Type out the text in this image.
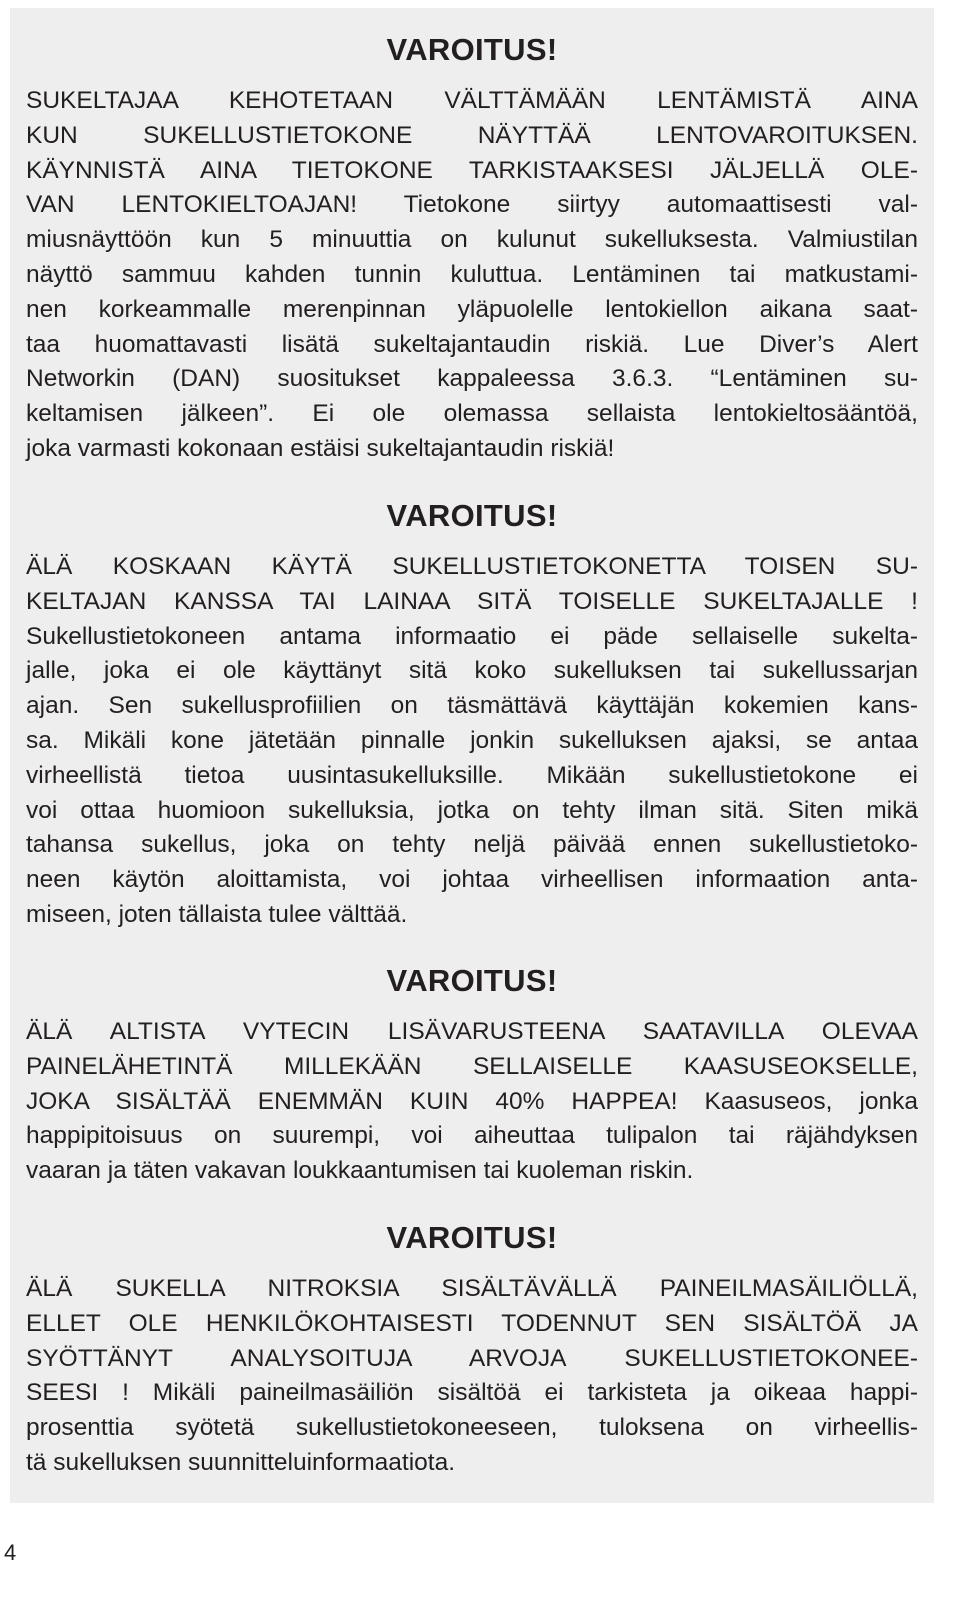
VAROITUS!

SUKELTAJAA KEHOTETAAN VÄLTTÄMÄÄN LENTÄMISTÄ AINA
KUN SUKELLUSTIETOKONE NÄYTTÄÄ LENTOVAROITUKSEN.
KÄYNNISTÄ AINA TIETOKONE TARKISTAAKSESI JÄLJELLÄ OLE-
VAN LENTOKIELTOAJAN! Tietokone siirtyy automaattisesti val-
miusnäyttöön kun 5 minuuttia on kulunut sukelluksesta. Valmiustilan
näyttö sammuu kahden tunnin kuluttua. Lentäminen tai matkustami-
nen korkeammalle merenpinnan yläpuolelle lentokiellon aikana saat-
taa huomattavasti lisätä sukeltajantaudin riskiä. Lue Diver’s Alert
Networkin (DAN) suositukset kappaleessa 3.6.3. “Lentäminen su-
keltamisen jälkeen”. Ei ole olemassa sellaista lentokieltosääntöä,
joka varmasti kokonaan estäisi sukeltajantaudin riskiä!

VAROITUS!

ÄLÄ KOSKAAN KÄYTÄ SUKELLUSTIETOKONETTA TOISEN SU-
KELTAJAN KANSSA TAI LAINAA SITÄ TOISELLE SUKELTAJALLE !
Sukellustietokoneen antama informaatio ei päde sellaiselle sukelta-
jalle, joka ei ole käyttänyt sitä koko sukelluksen tai sukellussarjan
ajan. Sen sukellusprofiilien on täsmättävä käyttäjän kokemien kans-
sa. Mikäli kone jätetään pinnalle jonkin sukelluksen ajaksi, se antaa
virheellistä tietoa uusintasukelluksille. Mikään sukellustietokone ei
voi ottaa huomioon sukelluksia, jotka on tehty ilman sitä. Siten mikä
tahansa sukellus, joka on tehty neljä päivää ennen sukellustietoko-
neen käytön aloittamista, voi johtaa virheellisen informaation anta-
miseen, joten tällaista tulee välttää.

VAROITUS!

ÄLÄ ALTISTA VYTECIN LISÄVARUSTEENA SAATAVILLA OLEVAA
PAINELÄHETINTÄ MILLEKÄÄN SELLAISELLE KAASUSEOKSELLE,
JOKA SISÄLTÄÄ ENEMMÄN KUIN 40% HAPPEA! Kaasuseos, jonka
happipitoisuus on suurempi, voi aiheuttaa tulipalon tai räjähdyksen
vaaran ja täten vakavan loukkaantumisen tai kuoleman riskin.

VAROITUS!

ÄLÄ SUKELLA NITROKSIA SISÄLTÄVÄLLÄ PAINEILMASÄILIÖLLÄ,
ELLET OLE HENKILÖKOHTAISESTI TODENNUT SEN SISÄLTÖÄ JA
SYÖTTÄNYT ANALYSOITUJA ARVOJA SUKELLUSTIETOKONEE-
SEESI ! Mikäli paineilmasäiliön sisältöä ei tarkisteta ja oikeaa happi-
prosenttia syötetä sukellustietokoneeseen, tuloksena on virheellis-
tä sukelluksen suunnitteluinformaatiota.

4
